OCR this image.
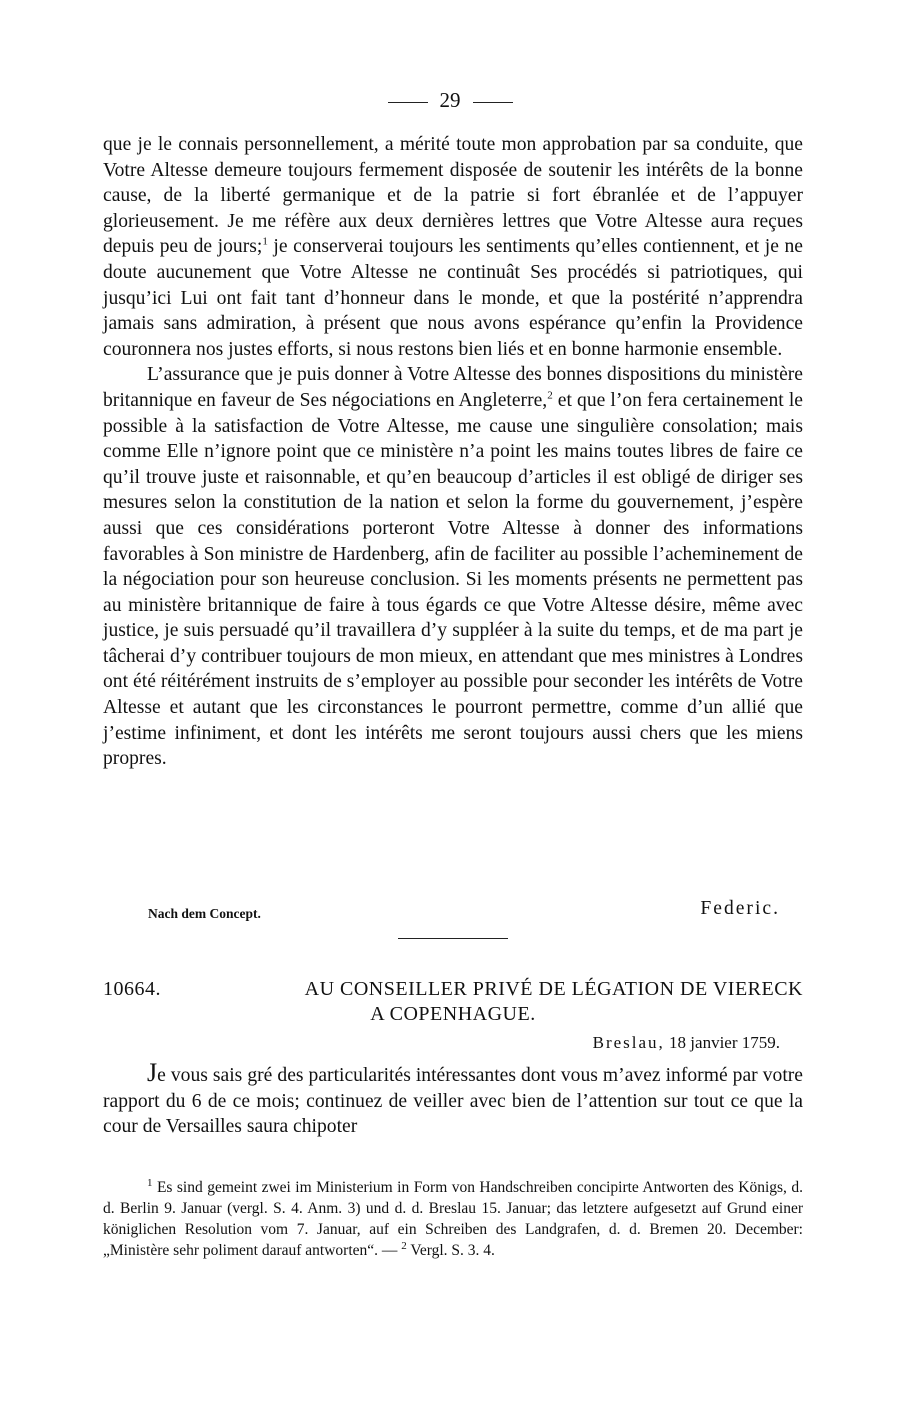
29

que je le connais personnellement, a mérité toute mon approbation par sa conduite, que Votre Altesse demeure toujours fermement disposée de soutenir les intérêts de la bonne cause, de la liberté germanique et de la patrie si fort ébranlée et de l’appuyer glorieusement. Je me réfère aux deux dernières lettres que Votre Altesse aura reçues depuis peu de jours;$^1$ je conserverai toujours les sentiments qu’elles contiennent, et je ne doute aucunement que Votre Altesse ne continuât Ses procédés si patriotiques, qui jusqu’ici Lui ont fait tant d’honneur dans le monde, et que la postérité n’apprendra jamais sans admiration, à présent que nous avons espérance qu’enfin la Providence couronnera nos justes efforts, si nous restons bien liés et en bonne harmonie ensemble.

L’assurance que je puis donner à Votre Altesse des bonnes dispositions du ministère britannique en faveur de Ses négociations en Angleterre,$^2$ et que l’on fera certainement le possible à la satisfaction de Votre Altesse, me cause une singulière consolation; mais comme Elle n’ignore point que ce ministère n’a point les mains toutes libres de faire ce qu’il trouve juste et raisonnable, et qu’en beaucoup d’articles il est obligé de diriger ses mesures selon la constitution de la nation et selon la forme du gouvernement, j’espère aussi que ces considérations porteront Votre Altesse à donner des informations favorables à Son ministre de Hardenberg, afin de faciliter au possible l’acheminement de la négociation pour son heureuse conclusion. Si les moments présents ne permettent pas au ministère britannique de faire à tous égards ce que Votre Altesse désire, même avec justice, je suis persuadé qu’il travaillera d’y suppléer à la suite du temps, et de ma part je tâcherai d’y contribuer toujours de mon mieux, en attendant que mes ministres à Londres ont été réitérément instruits de s’employer au possible pour seconder les intérêts de Votre Altesse et autant que les circonstances le pourront permettre, comme d’un allié que j’estime infiniment, et dont les intérêts me seront toujours aussi chers que les miens propres.

Nach dem Concept.	Federic.
10664.	AU CONSEILLER PRIVÉ DE LÉGATION DE VIERECK
A COPENHAGUE.
Breslau, 18 janvier 1759.

Je vous sais gré des particularités intéressantes dont vous m’avez informé par votre rapport du 6 de ce mois; continuez de veiller avec bien de l’attention sur tout ce que la cour de Versailles saura chipoter

$^1$ Es sind gemeint zwei im Ministerium in Form von Handschreiben concipirte Antworten des Königs, d. d. Berlin 9. Januar (vergl. S. 4. Anm. 3) und d. d. Breslau 15. Januar; das letztere aufgesetzt auf Grund einer königlichen Resolution vom 7. Januar, auf ein Schreiben des Landgrafen, d. d. Bremen 20. December: „Ministère sehr poliment darauf antworten“. — $^2$ Vergl. S. 3. 4.
